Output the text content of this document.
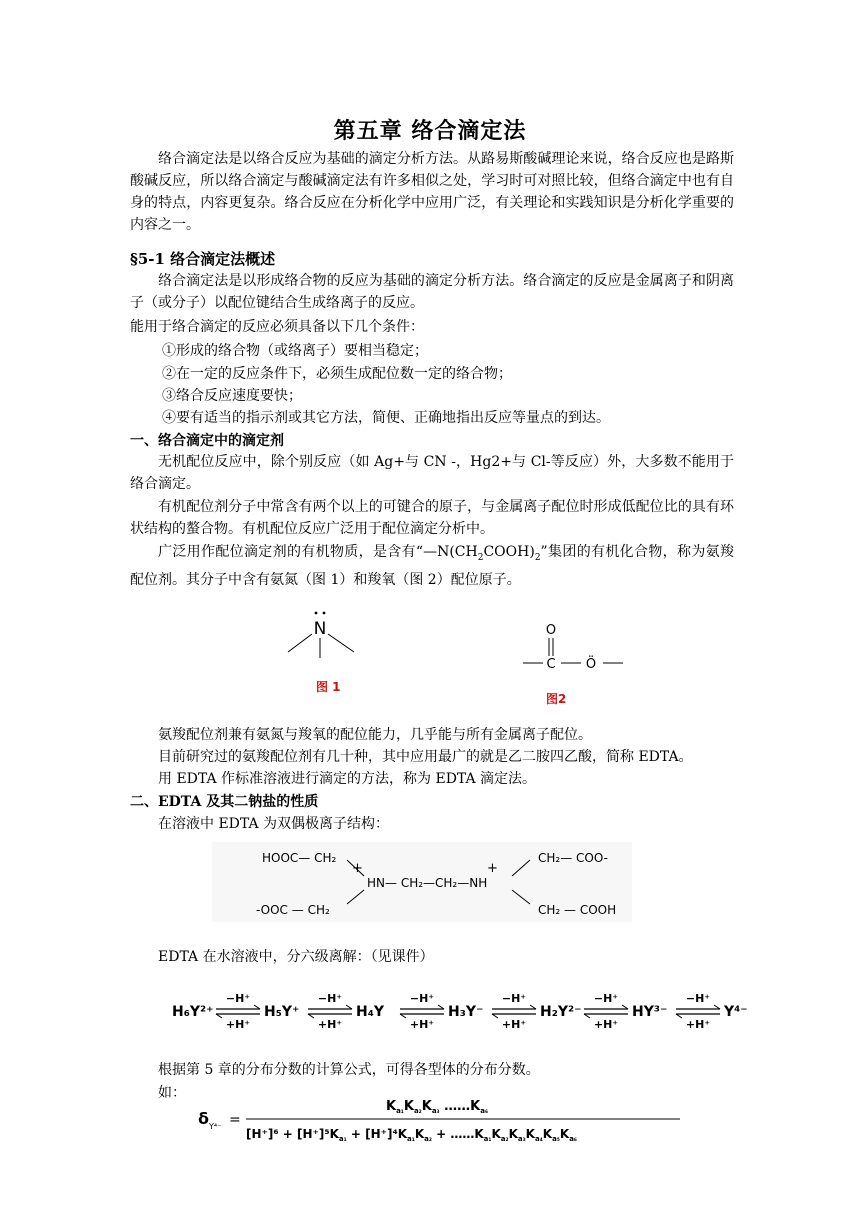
第五章 络合滴定法
络合滴定法是以络合反应为基础的滴定分析方法。从路易斯酸碱理论来说，络合反应也是路斯酸碱反应，所以络合滴定与酸碱滴定法有许多相似之处，学习时可对照比较，但络合滴定中也有自身的特点，内容更复杂。络合反应在分析化学中应用广泛，有关理论和实践知识是分析化学重要的内容之一。
§5-1 络合滴定法概述
络合滴定法是以形成络合物的反应为基础的滴定分析方法。络合滴定的反应是金属离子和阴离子（或分子）以配位键结合生成络离子的反应。
能用于络合滴定的反应必须具备以下几个条件：
①形成的络合物（或络离子）要相当稳定；
②在一定的反应条件下，必须生成配位数一定的络合物；
③络合反应速度要快；
④要有适当的指示剂或其它方法，简便、正确地指出反应等量点的到达。
一、络合滴定中的滴定剂
无机配位反应中，除个别反应（如 Ag+与 CN -，Hg2+与 Cl-等反应）外，大多数不能用于络合滴定。
有机配位剂分子中常含有两个以上的可键合的原子，与金属离子配位时形成低配位比的具有环状结构的螯合物。有机配位反应广泛用于配位滴定分析中。
广泛用作配位滴定剂的有机物质，是含有“$—N(CH_2COOH)_2$”集团的有机化合物，称为氨羧配位剂。其分子中含有氨氮（图 1）和羧氧（图 2）配位原子。
N
图 1
O
C Ö
图2
氨羧配位剂兼有氨氮与羧氧的配位能力，几乎能与所有金属离子配位。
目前研究过的氨羧配位剂有几十种，其中应用最广的就是乙二胺四乙酸，简称 EDTA。
用 EDTA 作标准溶液进行滴定的方法，称为 EDTA 滴定法。
二、EDTA 及其二钠盐的性质
在溶液中 EDTA 为双偶极离子结构：
HOOC— CH₂
-OOC — CH₂
+	+
HN— CH₂—CH₂—NH
CH₂— COO-
CH₂ — COOH
EDTA 在水溶液中，分六级离解：（见课件）
H₆Y²⁺
−H⁺
+H⁺
H₅Y⁺
−H⁺
+H⁺
H₄Y
−H⁺
+H⁺
H₃Y⁻
−H⁺
+H⁺
H₂Y²⁻
−H⁺
+H⁺
HY³⁻
−H⁺
+H⁺
Y⁴⁻
根据第 5 章的分布分数的计算公式，可得各型体的分布分数。
如：
δ Y⁴⁻ =
$K_{a_1}K_{a_2}K_{a_3}$ $\dots\dots K_{a_6}$
$[H^+]^6 + [H^+]^5K_{a_1} + [H^+]^4K_{a_1}K_{a_2}$ + $\dots\dots K_{a_1}K_{a_2}K_{a_3}K_{a_4}K_{a_5}K_{a_6}$
